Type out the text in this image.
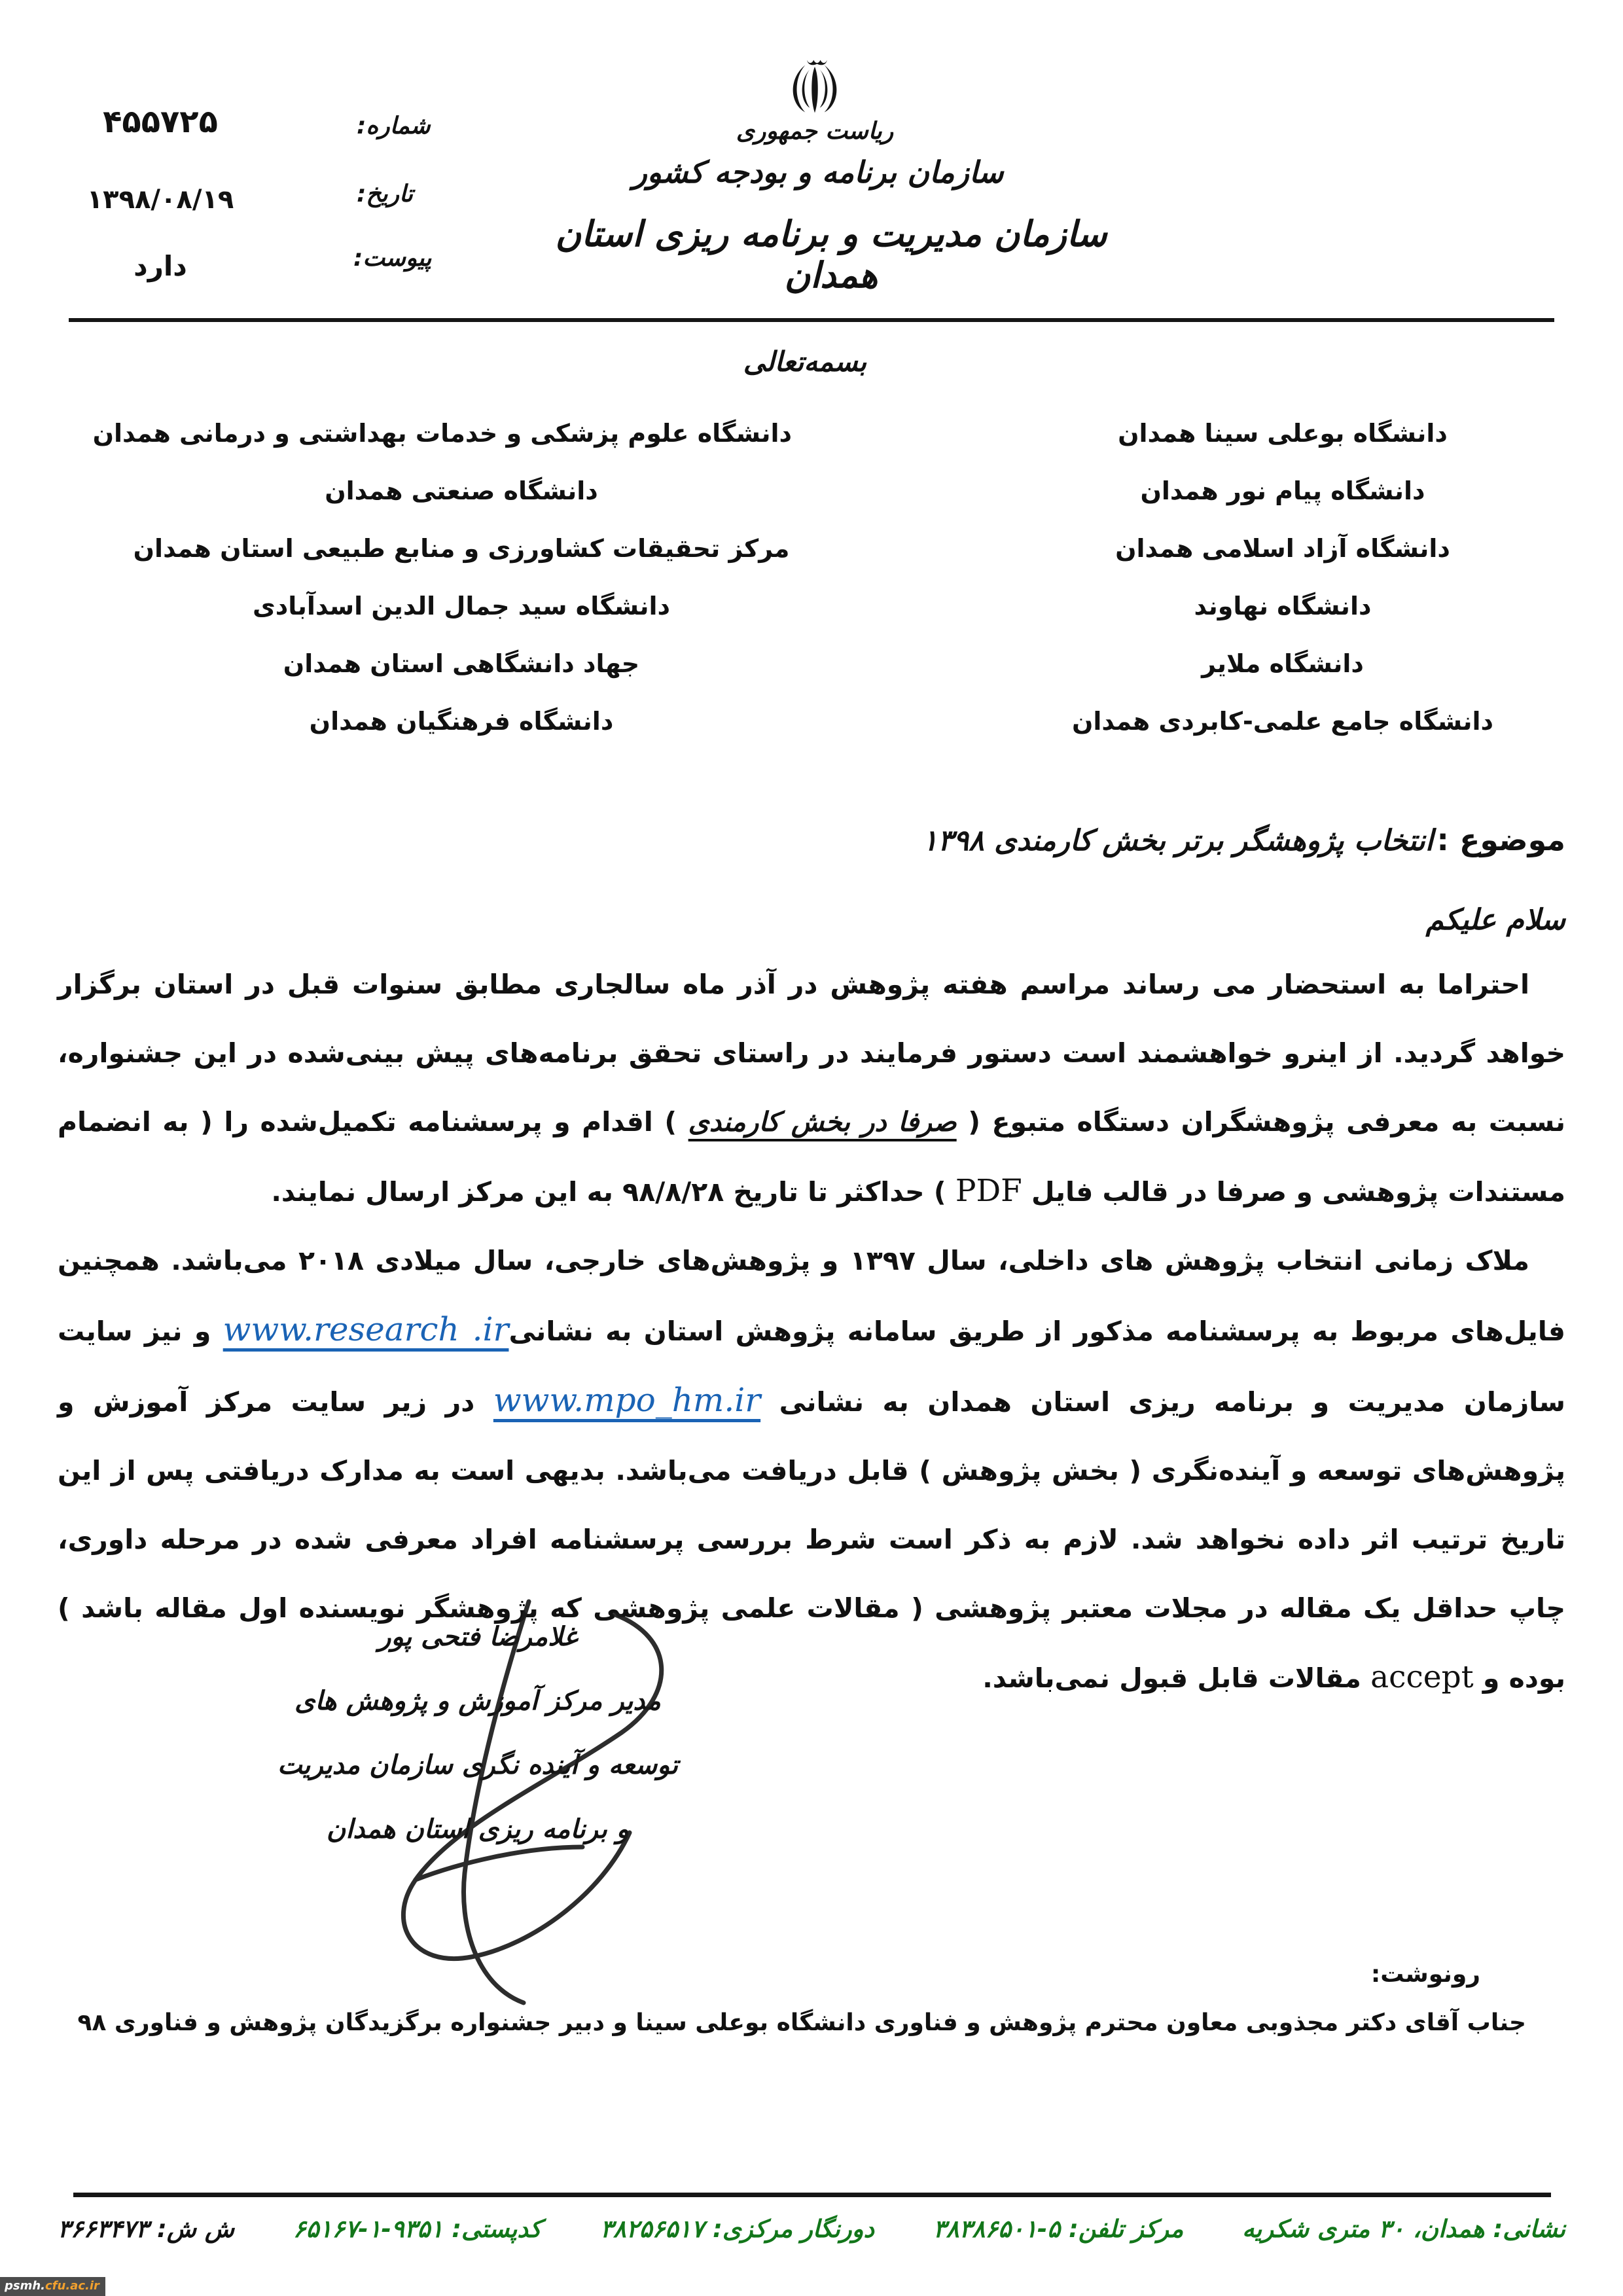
شماره:
۴۵۵۷۲۵
تاریخ:
۱۳۹۸/۰۸/۱۹
پیوست:
دارد
ریاست جمهوری
سازمان برنامه و بودجه کشور
سازمان مدیریت و برنامه ریزی استان همدان
بسمه‌تعالی
دانشگاه بوعلی سینا همدان
دانشگاه پیام نور همدان
دانشگاه آزاد اسلامی همدان
دانشگاه نهاوند
دانشگاه ملایر
دانشگاه جامع علمی-کابردی همدان
دانشگاه علوم پزشکی و خدمات بهداشتی و درمانی همدان
دانشگاه صنعتی همدان
مرکز تحقیقات کشاورزی و منابع طبیعی استان همدان
دانشگاه سید جمال الدین اسدآبادی
جهاد دانشگاهی استان همدان
دانشگاه فرهنگیان همدان
موضوع : انتخاب پژوهشگر برتر بخش کارمندی ۱۳۹۸
سلام علیکم

احتراما به استحضار می رساند مراسم هفته پژوهش در آذر ماه سالجاری مطابق سنوات قبل در استان برگزار خواهد گردید. از اینرو خواهشمند است دستور فرمایند در راستای تحقق برنامه‌های پیش بینی‌شده در این جشنواره، نسبت به معرفی پژوهشگران دستگاه متبوع ( صرفا در بخش کارمندی ) اقدام و پرسشنامه تکمیل‌شده را ( به انضمام مستندات پژوهشی و صرفا در قالب فایل PDF ) حداکثر تا تاریخ ۹۸/۸/۲۸ به این مرکز ارسال نمایند.

ملاک زمانی انتخاب پژوهش های داخلی، سال ۱۳۹۷ و پژوهش‌های خارجی، سال میلادی ۲۰۱۸ می‌باشد. همچنین فایل‌های مربوط به پرسشنامه مذکور از طریق سامانه پژوهش استان به نشانیwww.research .ir و نیز سایت سازمان مدیریت و برنامه ریزی استان همدان به نشانی www.mpo_hm.ir در زیر سایت مرکز آموزش و پژوهش‌های توسعه و آینده‌نگری ( بخش پژوهش ) قابل دریافت می‌باشد. بدیهی است به مدارک دریافتی پس از این تاریخ ترتیب اثر داده نخواهد شد. لازم به ذکر است شرط بررسی پرسشنامه افراد معرفی شده در مرحله داوری، چاپ حداقل یک مقاله در مجلات معتبر پژوهشی ( مقالات علمی پژوهشی که پژوهشگر نویسنده اول مقاله باشد ) بوده و accept مقالات قابل قبول نمی‌باشد.

غلامرضا فتحی پور
مدیر مرکز آموزش و پژوهش های
توسعه و آینده نگری سازمان مدیریت
و برنامه ریزی استان همدان
رونوشت:
جناب آقای دکتر مجذوبی معاون محترم پژوهش و فناوری دانشگاه بوعلی سینا و دبیر جشنواره برگزیدگان پژوهش و فناوری ۹۸
نشانی: همدان، ۳۰ متری شکریه
مرکز تلفن: ۵-۳۸۳۸۶۵۰۱
دورنگار مرکزی: ۳۸۲۵۶۵۱۷
کدپستی: ۹۳۵۱-۱-۶۵۱۶۷
ش ش: ۳۶۶۳۴۷۳
psmh.cfu.ac.ir
